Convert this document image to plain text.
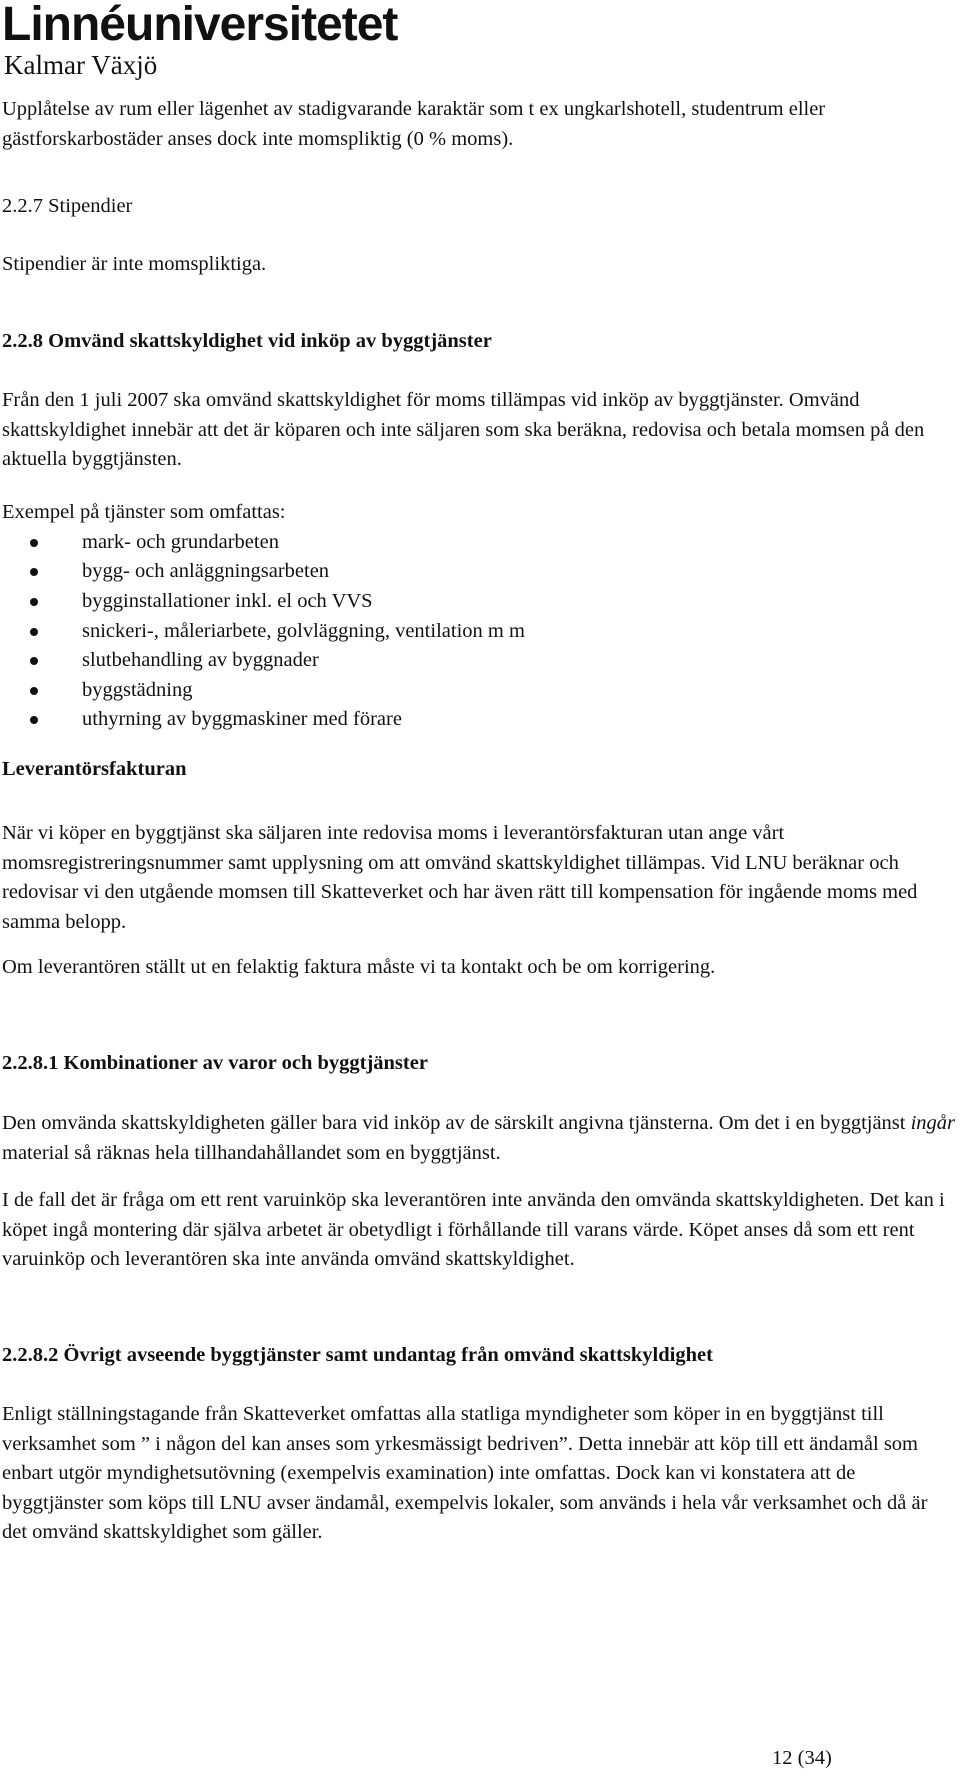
Linnéuniversitetet
Kalmar Växjö
Upplåtelse av rum eller lägenhet av stadigvarande karaktär som t ex ungkarlshotell, studentrum eller gästforskarbostäder anses dock inte momspliktig (0 % moms).
2.2.7 Stipendier
Stipendier är inte momspliktiga.
2.2.8 Omvänd skattskyldighet vid inköp av byggtjänster
Från den 1 juli 2007 ska omvänd skattskyldighet för moms tillämpas vid inköp av byggtjänster. Omvänd skattskyldighet innebär att det är köparen och inte säljaren som ska beräkna, redovisa och betala momsen på den aktuella byggtjänsten.
Exempel på tjänster som omfattas:
mark- och grundarbeten
bygg- och anläggningsarbeten
bygginstallationer inkl. el och VVS
snickeri-, måleriarbete, golvläggning, ventilation m m
slutbehandling av byggnader
byggstädning
uthyrning av byggmaskiner med förare
Leverantörsfakturan
När vi köper en byggtjänst ska säljaren inte redovisa moms i leverantörsfakturan utan ange vårt momsregistreringsnummer samt upplysning om att omvänd skattskyldighet tillämpas. Vid LNU beräknar och redovisar vi den utgående momsen till Skatteverket och har även rätt till kompensation för ingående moms med samma belopp.
Om leverantören ställt ut en felaktig faktura måste vi ta kontakt och be om korrigering.
2.2.8.1 Kombinationer av varor och byggtjänster
Den omvända skattskyldigheten gäller bara vid inköp av de särskilt angivna tjänsterna. Om det i en byggtjänst ingår material så räknas hela tillhandahållandet som en byggtjänst.
I de fall det är fråga om ett rent varuinköp ska leverantören inte använda den omvända skattskyldigheten. Det kan i köpet ingå montering där själva arbetet är obetydligt i förhållande till varans värde. Köpet anses då som ett rent varuinköp och leverantören ska inte använda omvänd skattskyldighet.
2.2.8.2 Övrigt avseende byggtjänster samt undantag från omvänd skattskyldighet
Enligt ställningstagande från Skatteverket omfattas alla statliga myndigheter som köper in en byggtjänst till verksamhet som ” i någon del kan anses som yrkesmässigt bedriven”. Detta innebär att köp till ett ändamål som enbart utgör myndighetsutövning (exempelvis examination) inte omfattas. Dock kan vi konstatera att de byggtjänster som köps till LNU avser ändamål, exempelvis lokaler, som används i hela vår verksamhet och då är det omvänd skattskyldighet som gäller.
12 (34)
